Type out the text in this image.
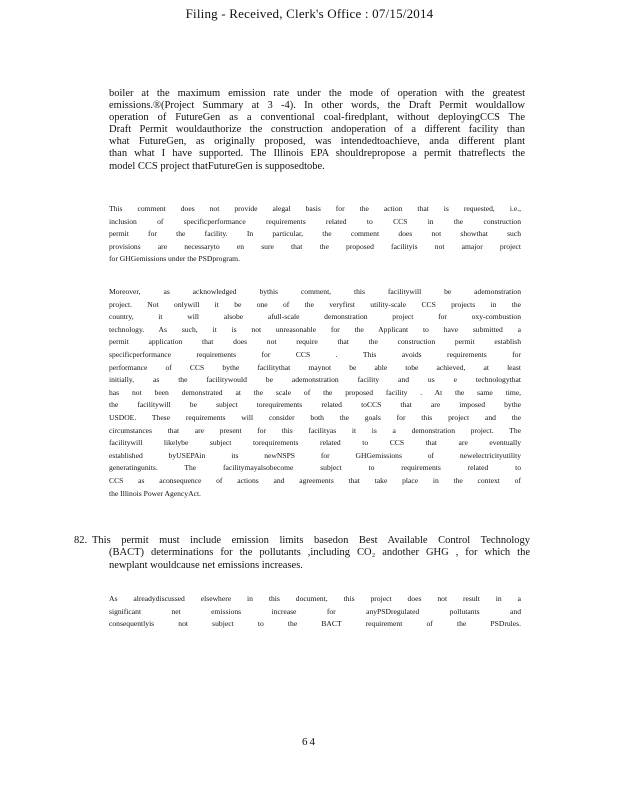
Filing - Received, Clerk's Office : 07/15/2014
boiler at the maximum emission rate under the mode of operation with the greatest
emissions.®(Project Summary at 3 -4). In other words, the Draft Permit wouldallow
operation of FutureGen as a conventional coal-firedplant, without deployingCCS The
Draft Permit wouldauthorize the construction andoperation of a different facility than
what FutureGen, as originally proposed, was intendedtoachieve, anda different plant
than what I have supported. The Illinois EPA shouldrepropose a permit thatreflects the
model CCS project thatFutureGen is supposedtobe.
This comment does not provide alegal basis for the action that is requested, i.e.,
inclusion of specificperformance requirements related to CCS in the construction
permit for the facility. In particular, the comment does not showthat such
provisions are necessaryto en sure that the proposed facilityis not amajor project
for GHGemissions under the PSDprogram.
Moreover, as acknowledged bythis comment, this facilitywill be ademonstration
project. Not onlywill it be one of the veryfirst utility-scale CCS projects in the
country, it will alsobe afull-scale demonstration project for oxy-combustion
technology. As such, it is not unreasonable for the Applicant to have submitted a
permit application that does not require that the construction permit establish
specificperformance requirements for CCS . This avoids requirements for
performance of CCS bythe facilitythat maynot be able tobe achieved, at least
initially, as the facilitywould be ademonstration facility and us e technologythat
has not been demonstrated at the scale of the proposed facility . At the same time,
the facilitywill be subject torequirements related toCCS that are imposed bythe
USDOE. These requirements will consider both the goals for this project and the
circumstances that are present for this facilityas it is a demonstration project. The
facilitywill likelybe subject torequirements related to CCS that are eventually
established byUSEPAin its newNSPS for GHGemissions of newelectricityutility
generatingunits. The facilitymayalsobecome subject to requirements related to
CCS as aconsequence of actions and agreements that take place in the context of
the Illinois Power AgencyAct.
82. This permit must include emission limits basedon Best Available Control Technology
(BACT) determinations for the pollutants ,including CO₂ andother GHG , for which the
newplant wouldcause net emissions increases.
As alreadydiscussed elsewhere in this document, this project does not result in a
significant net emissions increase for anyPSDregulated pollutants and
consequentlyis not subject to the BACT requirement of the PSDrules.
64
